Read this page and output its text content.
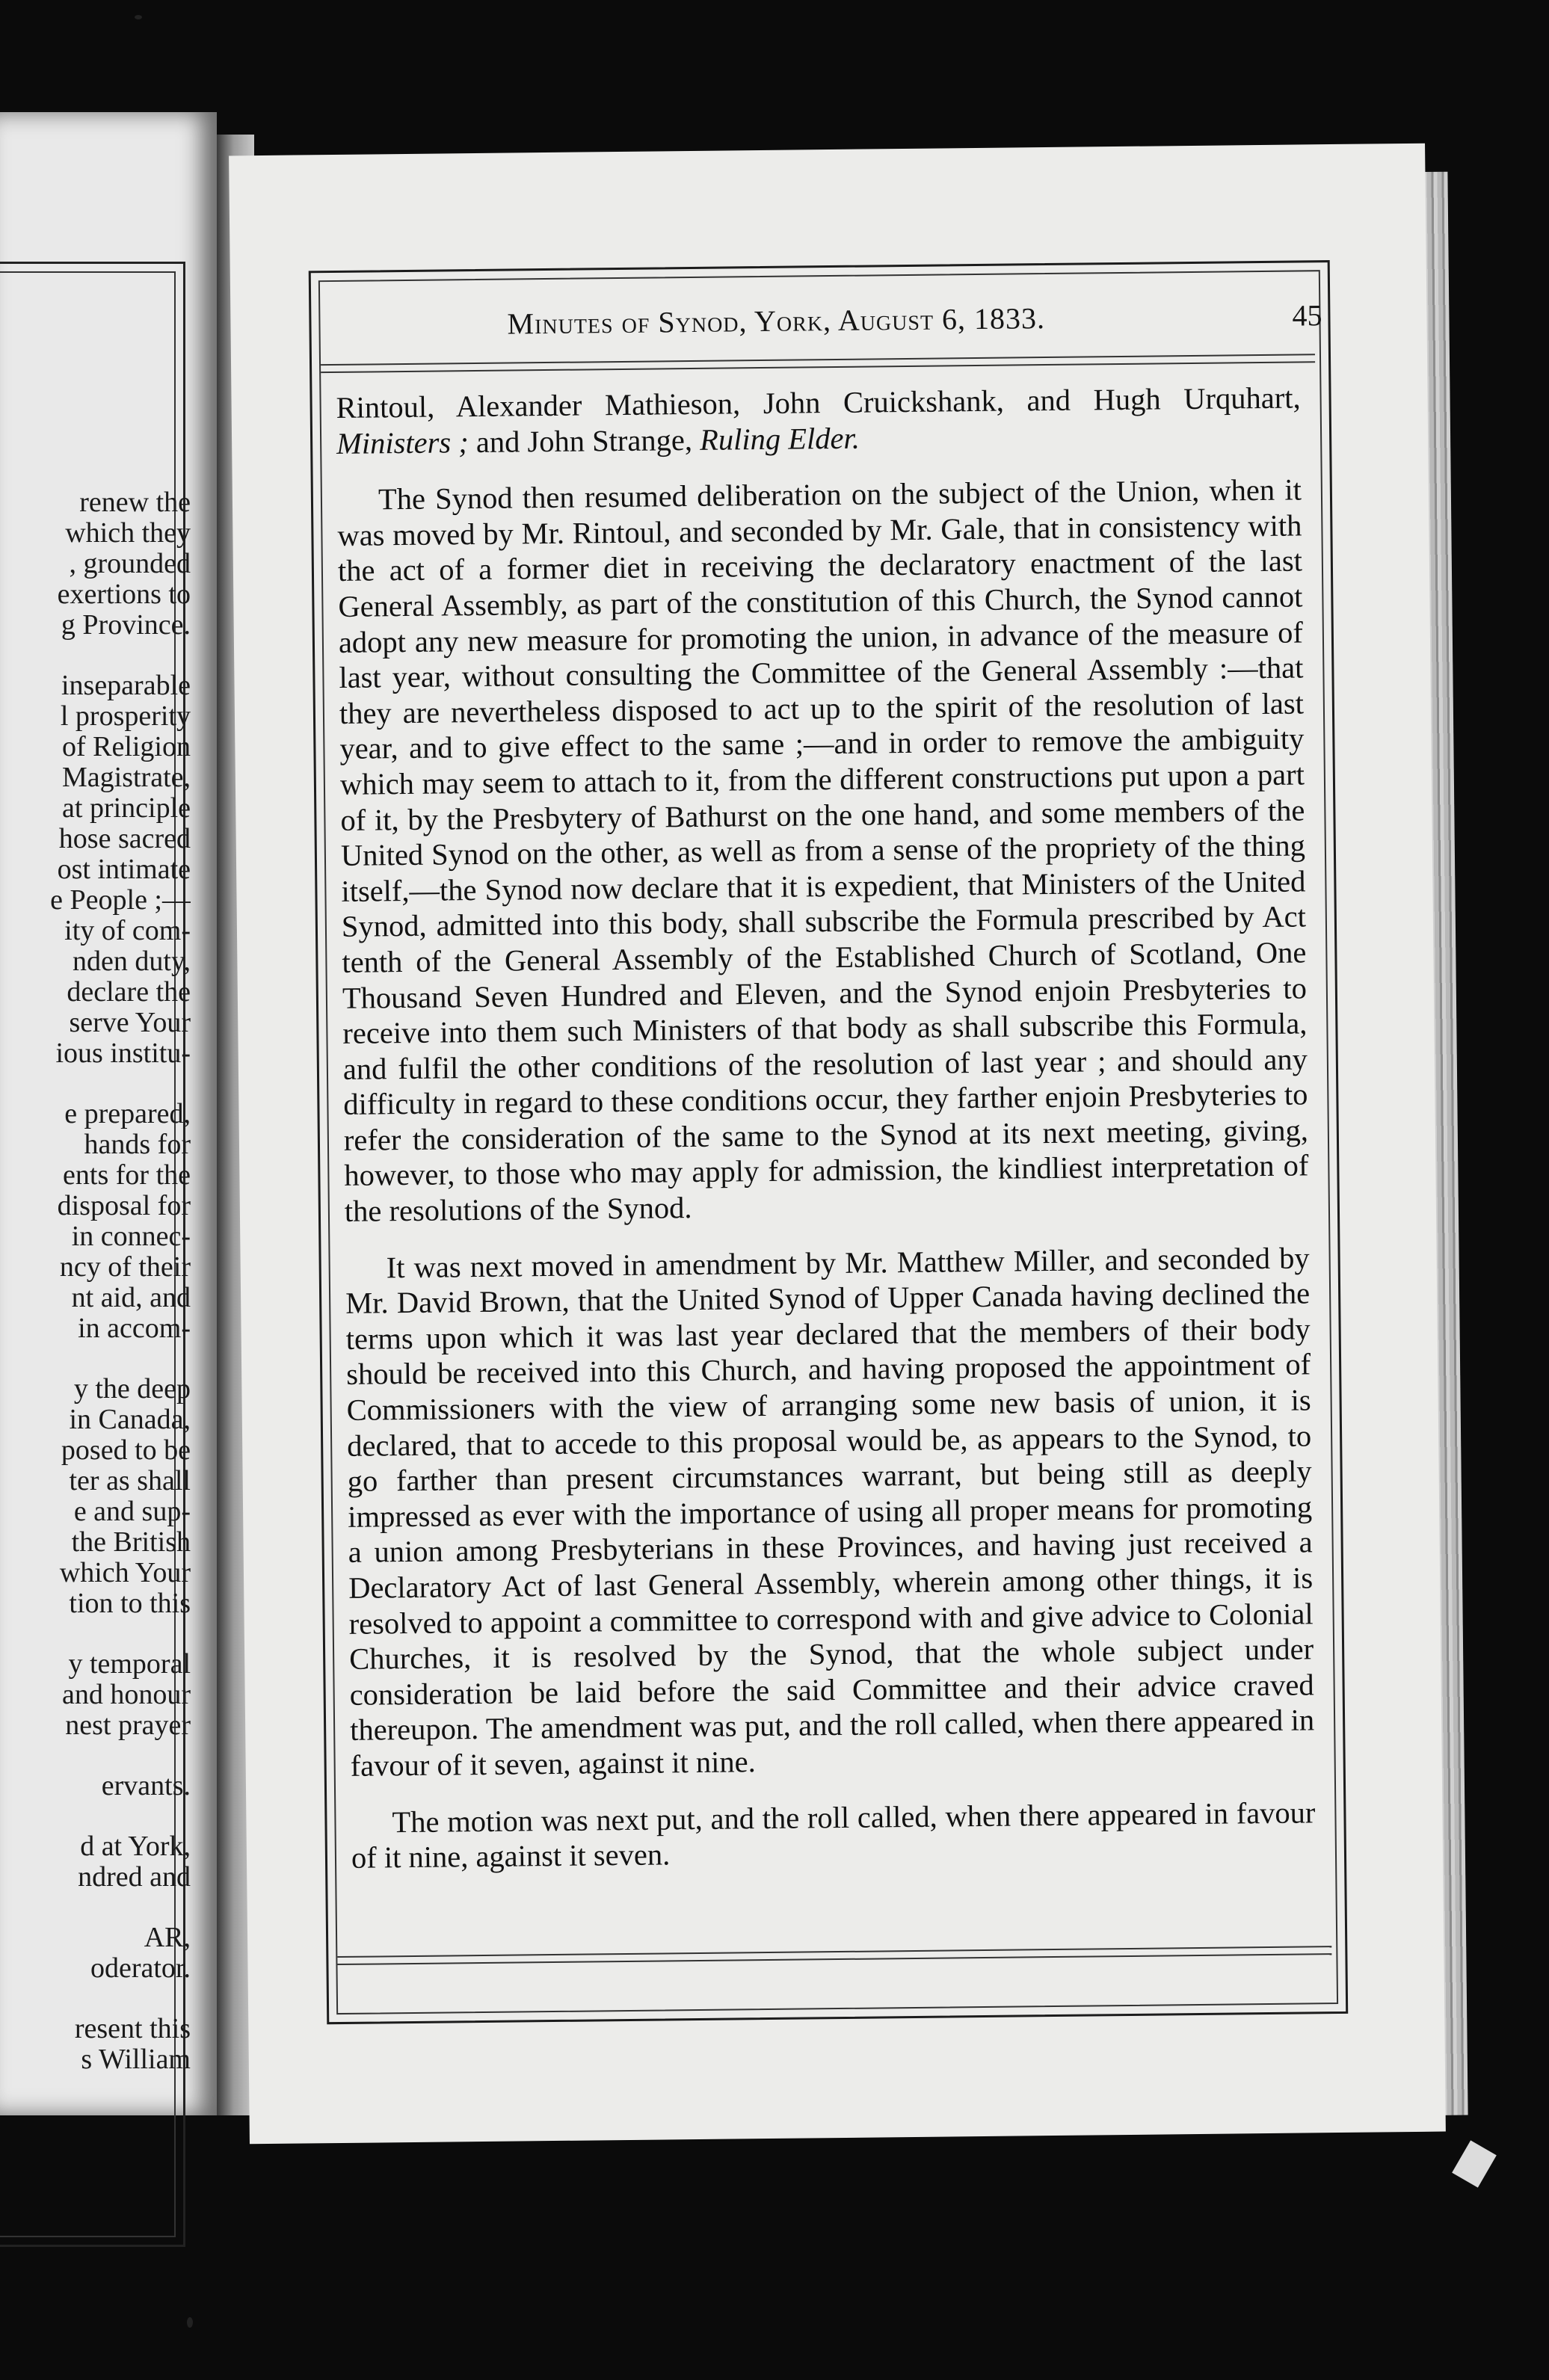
renew the
which they
, grounded
exertions to
g Province.
inseparable
l prosperity
of Religion
Magistrate,
at principle
hose sacred
ost intimate
e People ;—
ity of com-
nden duty,
declare the
serve Your
ious institu-
e prepared,
hands for
ents for the
disposal for
in connec-
ncy of their
nt aid, and
in accom-
y the deep
in Canada,
posed to be
ter as shall
e and sup-
the British
which Your
tion to this
y temporal
and honour
nest prayer
ervants.
d at York,
ndred and
AR,
oderator.
resent this
s William
Minutes of Synod, York, August 6, 1833.	45

Rintoul, Alexander Mathieson, John Cruickshank, and Hugh Urquhart, Ministers ; and John Strange, Ruling Elder.

The Synod then resumed deliberation on the subject of the Union, when it was moved by Mr. Rintoul, and seconded by Mr. Gale, that in consistency with the act of a former diet in receiving the declaratory enactment of the last General Assembly, as part of the constitution of this Church, the Synod cannot adopt any new measure for promoting the union, in advance of the measure of last year, without consulting the Committee of the General Assembly :—that they are nevertheless disposed to act up to the spirit of the resolution of last year, and to give effect to the same ;—and in order to remove the ambiguity which may seem to attach to it, from the different constructions put upon a part of it, by the Presbytery of Bathurst on the one hand, and some members of the United Synod on the other, as well as from a sense of the propriety of the thing itself,—the Synod now declare that it is expedient, that Ministers of the United Synod, admitted into this body, shall subscribe the Formula prescribed by Act tenth of the General Assembly of the Established Church of Scotland, One Thousand Seven Hundred and Eleven, and the Synod enjoin Presbyteries to receive into them such Ministers of that body as shall subscribe this Formula, and fulfil the other conditions of the resolution of last year ; and should any difficulty in regard to these conditions occur, they farther enjoin Presbyteries to refer the consideration of the same to the Synod at its next meeting, giving, however, to those who may apply for admission, the kindliest interpretation of the resolutions of the Synod.

It was next moved in amendment by Mr. Matthew Miller, and seconded by Mr. David Brown, that the United Synod of Upper Canada having declined the terms upon which it was last year declared that the members of their body should be received into this Church, and having proposed the appointment of Commissioners with the view of arranging some new basis of union, it is declared, that to accede to this proposal would be, as appears to the Synod, to go farther than present circumstances warrant, but being still as deeply impressed as ever with the importance of using all proper means for promoting a union among Presbyterians in these Provinces, and having just received a Declaratory Act of last General Assembly, wherein among other things, it is resolved to appoint a committee to correspond with and give advice to Colonial Churches, it is resolved by the Synod, that the whole subject under consideration be laid before the said Committee and their advice craved thereupon. The amendment was put, and the roll called, when there appeared in favour of it seven, against it nine.

The motion was next put, and the roll called, when there appeared in favour of it nine, against it seven.
